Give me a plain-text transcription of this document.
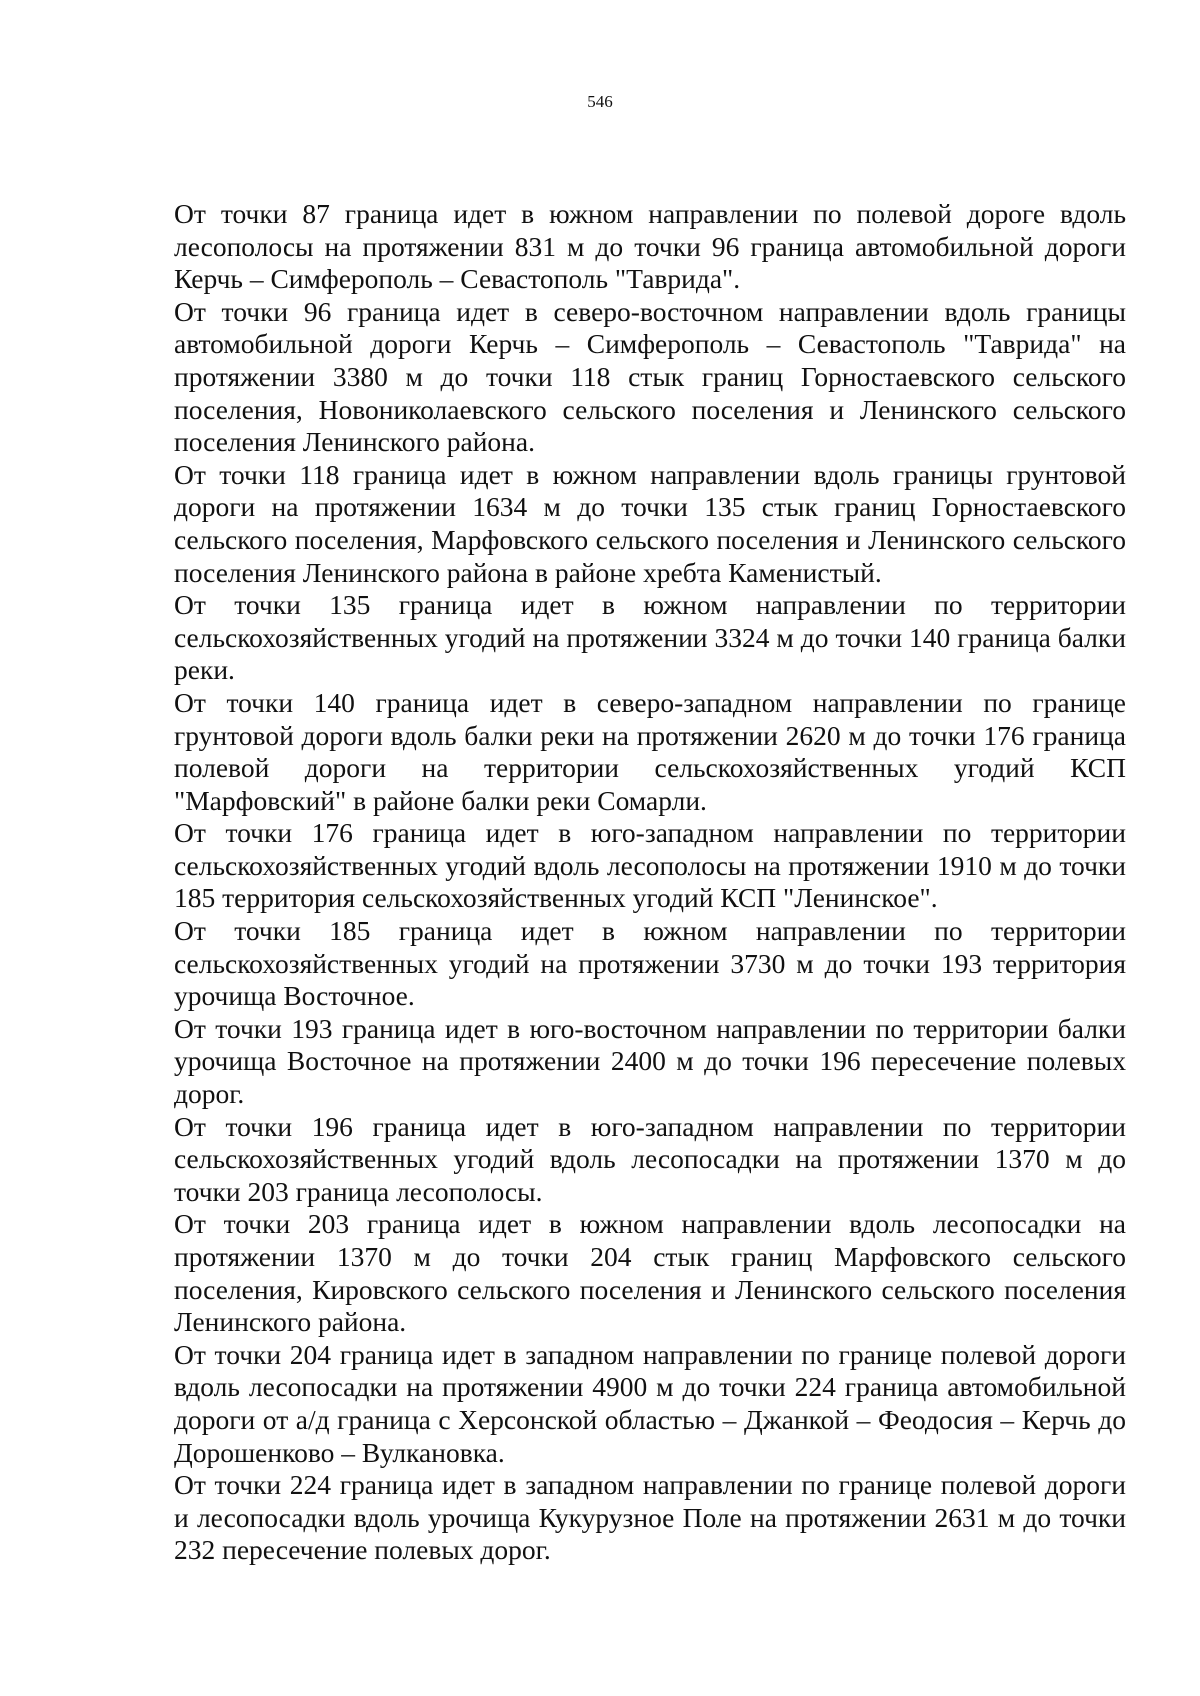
546

От точки 87 граница идет в южном направлении по полевой дороге вдоль лесополосы на протяжении 831 м до точки 96 граница автомобильной дороги Керчь – Симферополь – Севастополь "Таврида".

От точки 96 граница идет в северо-восточном направлении вдоль границы автомобильной дороги Керчь – Симферополь – Севастополь "Таврида" на протяжении 3380 м до точки 118 стык границ Горностаевского сельского поселения, Новониколаевского сельского поселения и Ленинского сельского поселения Ленинского района.

От точки 118 граница идет в южном направлении вдоль границы грунтовой дороги на протяжении 1634 м до точки 135 стык границ Горностаевского сельского поселения, Марфовского сельского поселения и Ленинского сельского поселения Ленинского района в районе хребта Каменистый.

От точки 135 граница идет в южном направлении по территории сельскохозяйственных угодий на протяжении 3324 м до точки 140 граница балки реки.

От точки 140 граница идет в северо-западном направлении по границе грунтовой дороги вдоль балки реки на протяжении 2620 м до точки 176 граница полевой дороги на территории сельскохозяйственных угодий КСП "Марфовский" в районе балки реки Сомарли.

От точки 176 граница идет в юго-западном направлении по территории сельскохозяйственных угодий вдоль лесополосы на протяжении 1910 м до точки 185 территория сельскохозяйственных угодий КСП "Ленинское".

От точки 185 граница идет в южном направлении по территории сельскохозяйственных угодий на протяжении 3730 м до точки 193 территория урочища Восточное.

От точки 193 граница идет в юго-восточном направлении по территории балки урочища Восточное на протяжении 2400 м до точки 196 пересечение полевых дорог.

От точки 196 граница идет в юго-западном направлении по территории сельскохозяйственных угодий вдоль лесопосадки на протяжении 1370 м до точки 203 граница лесополосы.

От точки 203 граница идет в южном направлении вдоль лесопосадки на протяжении 1370 м до точки 204 стык границ Марфовского сельского поселения, Кировского сельского поселения и Ленинского сельского поселения Ленинского района.

От точки 204 граница идет в западном направлении по границе полевой дороги вдоль лесопосадки на протяжении 4900 м до точки 224 граница автомобильной дороги от а/д граница с Херсонской областью – Джанкой – Феодосия – Керчь до Дорошенково – Вулкановка.

От точки 224 граница идет в западном направлении по границе полевой дороги и лесопосадки вдоль урочища Кукурузное Поле на протяжении 2631 м до точки 232 пересечение полевых дорог.
